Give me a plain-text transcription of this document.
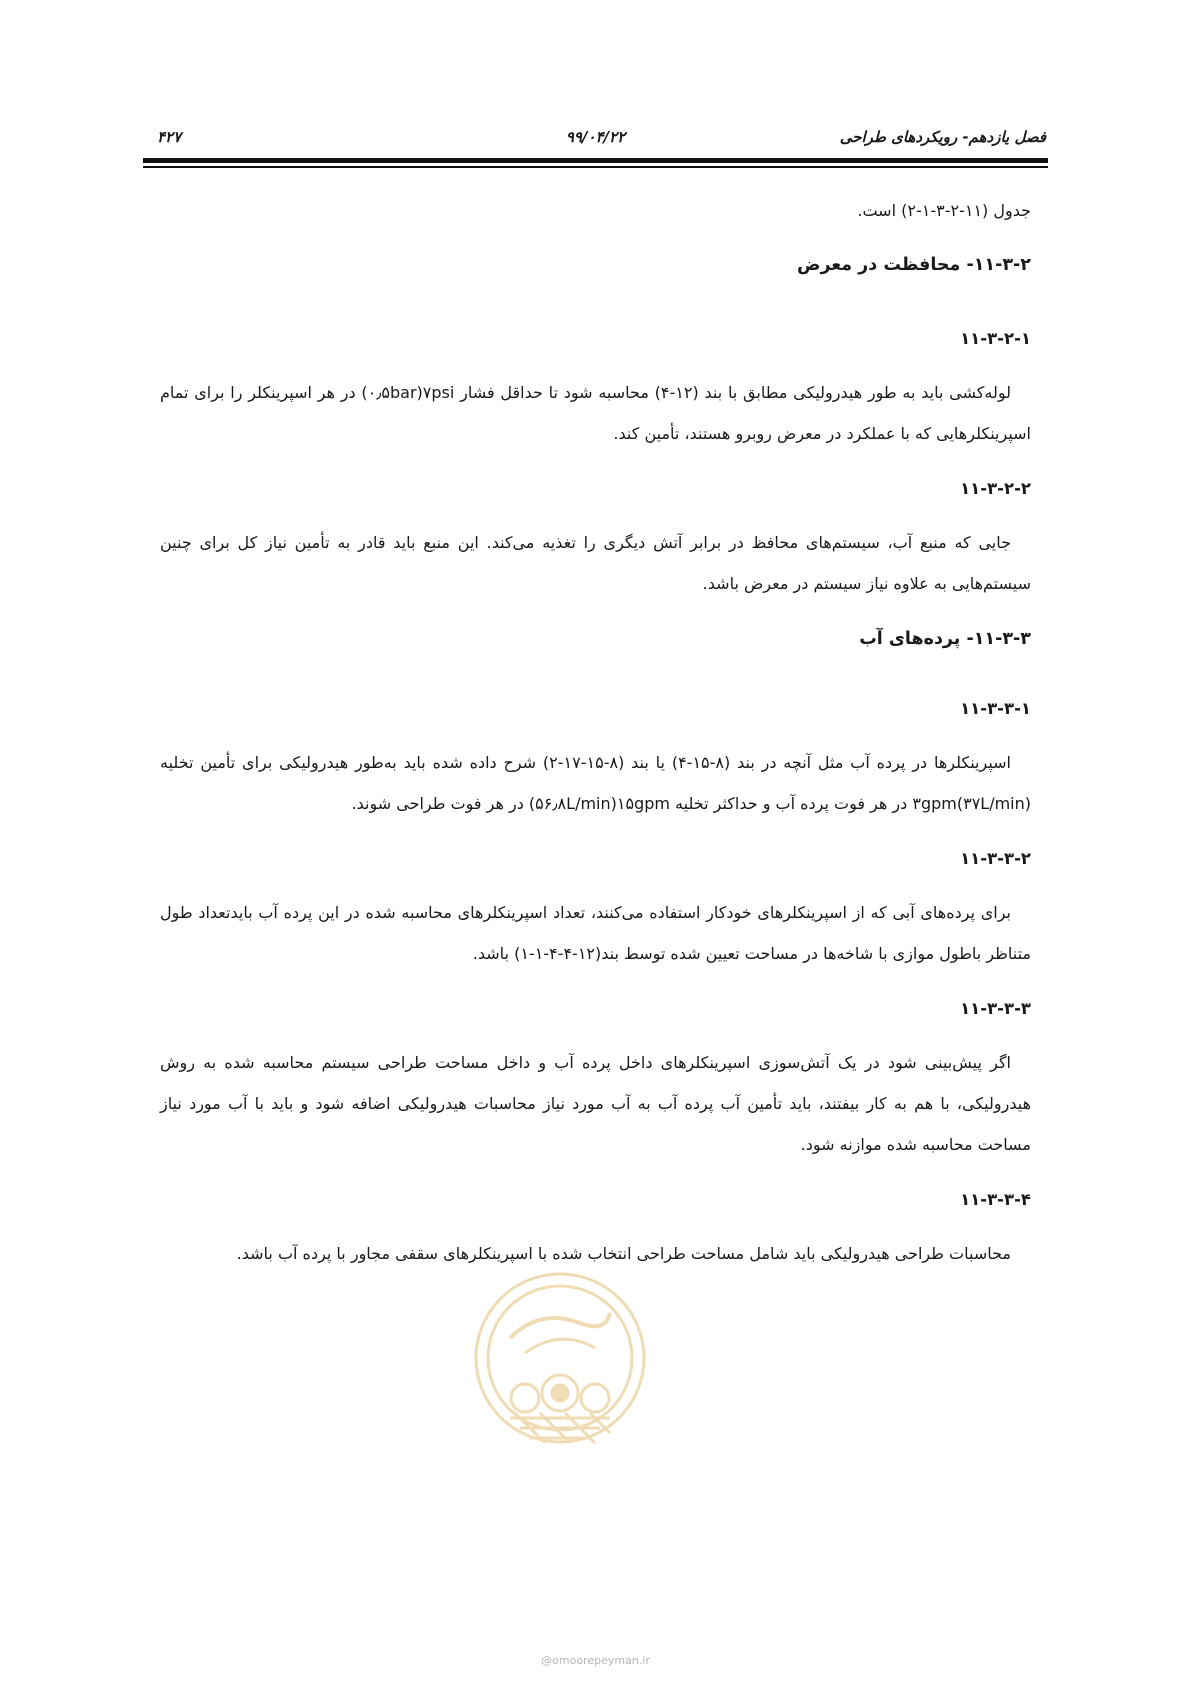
فصل یازدهم- رویکردهای طراحی
۹۹/۰۴/۲۲
۴۲۷

جدول (۱۱-۲-۳-۱-۲) است.

۱۱-۳-۲- محافظت در معرض
۱۱-۳-۲-۱

لوله‌کشی باید به طور هیدرولیکی مطابق با بند (۱۲-۴) محاسبه شود تا حداقل فشار ۷psi(۰٫۵bar) در هر اسپرینکلر را برای تمام اسپرینکلرهایی که با عملکرد در معرض روبرو هستند، تأمین کند.

۱۱-۳-۲-۲

جایی که منبع آب، سیستم‌های محافظ در برابر آتش دیگری را تغذیه می‌کند. این منبع باید قادر به تأمین نیاز کل برای چنین سیستم‌هایی به علاوه نیاز سیستم در معرض باشد.

۱۱-۳-۳- پرده‌های آب
۱۱-۳-۳-۱

اسپرینکلرها در پرده آب مثل آنچه در بند (۸-۱۵-۴) یا بند (۸-۱۵-۱۷-۲) شرح داده شده باید به‌طور هیدرولیکی برای تأمین تخلیه ۳gpm(۳۷L/min) در هر فوت پرده آب و حداکثر تخلیه ۱۵gpm(۵۶٫۸L/min) در هر فوت طراحی شوند.

۱۱-۳-۳-۲

برای پرده‌های آبی که از اسپرینکلرهای خودکار استفاده می‌کنند، تعداد اسپرینکلرهای محاسبه شده در این پرده آب بایدتعداد طول متناظر باطول موازی با شاخه‌ها در مساحت تعیین شده توسط بند(۱۲-۴-۴-۱-۱) باشد.

۱۱-۳-۳-۳

اگر پیش‌بینی شود در یک آتش‌سوزی اسپرینکلرهای داخل پرده آب و داخل مساحت طراحی سیستم محاسبه شده به روش هیدرولیکی، با هم به کار بیفتند، باید تأمین آب پرده آب به آب مورد نیاز محاسبات هیدرولیکی اضافه شود و باید با آب مورد نیاز مساحت محاسبه شده موازنه شود.

۱۱-۳-۳-۴

محاسبات طراحی هیدرولیکی باید شامل مساحت طراحی انتخاب شده با اسپرینکلرهای سقفی مجاور با پرده آب باشد.

@omoorepeyman.ir
